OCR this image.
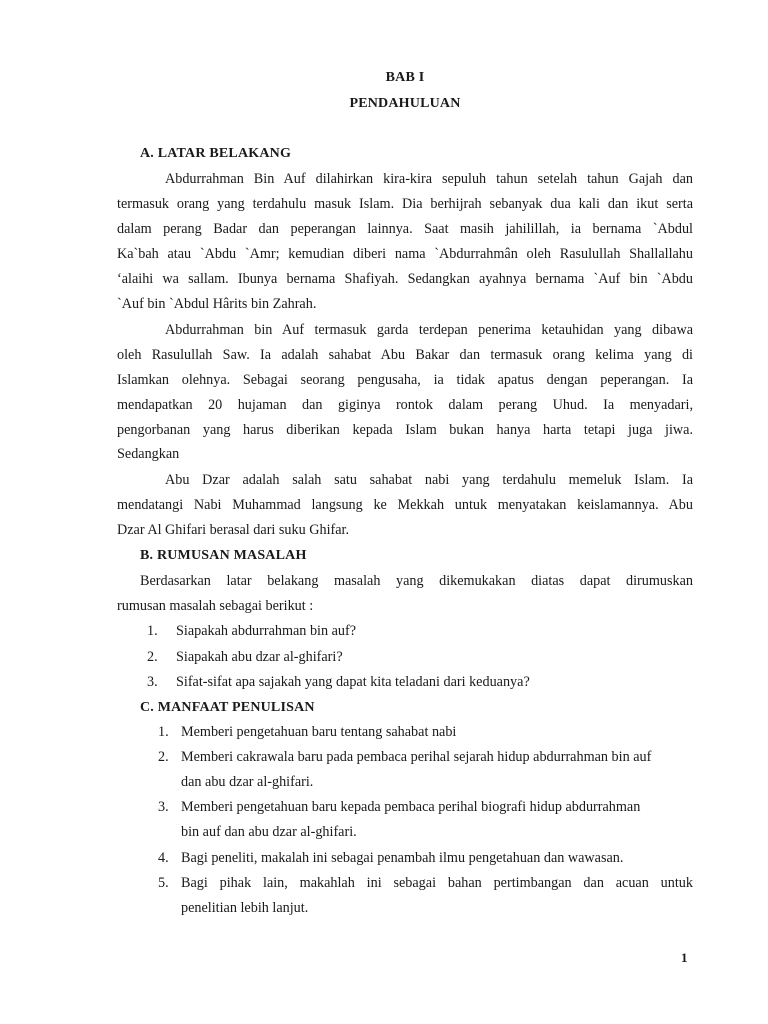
BAB I
PENDAHULUAN
A. LATAR BELAKANG
Abdurrahman Bin Auf dilahirkan kira-kira sepuluh tahun setelah tahun Gajah dan
termasuk orang yang terdahulu masuk Islam. Dia berhijrah sebanyak dua kali dan ikut serta
dalam perang Badar dan peperangan lainnya. Saat masih jahilillah, ia bernama `Abdul
Ka`bah atau `Abdu `Amr; kemudian diberi nama `Abdurrahmân oleh Rasulullah Shallallahu
‘alaihi wa sallam. Ibunya bernama Shafiyah. Sedangkan ayahnya bernama `Auf bin `Abdu
`Auf bin `Abdul Hârits bin Zahrah.
Abdurrahman bin Auf termasuk garda terdepan penerima ketauhidan yang dibawa
oleh Rasulullah Saw. Ia adalah sahabat Abu Bakar dan termasuk orang kelima yang di
Islamkan olehnya. Sebagai seorang pengusaha, ia tidak apatus dengan peperangan. Ia
mendapatkan 20 hujaman dan giginya rontok dalam perang Uhud. Ia menyadari,
pengorbanan yang harus diberikan kepada Islam bukan hanya harta tetapi juga jiwa.
Sedangkan
Abu Dzar adalah salah satu sahabat nabi yang terdahulu memeluk Islam. Ia
mendatangi Nabi Muhammad langsung ke Mekkah untuk menyatakan keislamannya. Abu
Dzar Al Ghifari berasal dari suku Ghifar.
B. RUMUSAN MASALAH
Berdasarkan latar belakang masalah yang dikemukakan diatas dapat dirumuskan
rumusan masalah sebagai berikut :
1. Siapakah abdurrahman bin auf?
2. Siapakah abu dzar al-ghifari?
3. Sifat-sifat apa sajakah yang dapat kita teladani dari keduanya?
C. MANFAAT PENULISAN
1. Memberi pengetahuan baru tentang sahabat nabi
2. Memberi cakrawala baru pada pembaca perihal sejarah hidup abdurrahman bin auf
dan abu dzar al-ghifari.
3. Memberi pengetahuan baru kepada pembaca perihal biografi hidup abdurrahman
bin auf dan abu dzar al-ghifari.
4. Bagi peneliti, makalah ini sebagai penambah ilmu pengetahuan dan wawasan.
5. Bagi pihak lain, makahlah ini sebagai bahan pertimbangan dan acuan untuk
penelitian lebih lanjut.
1
